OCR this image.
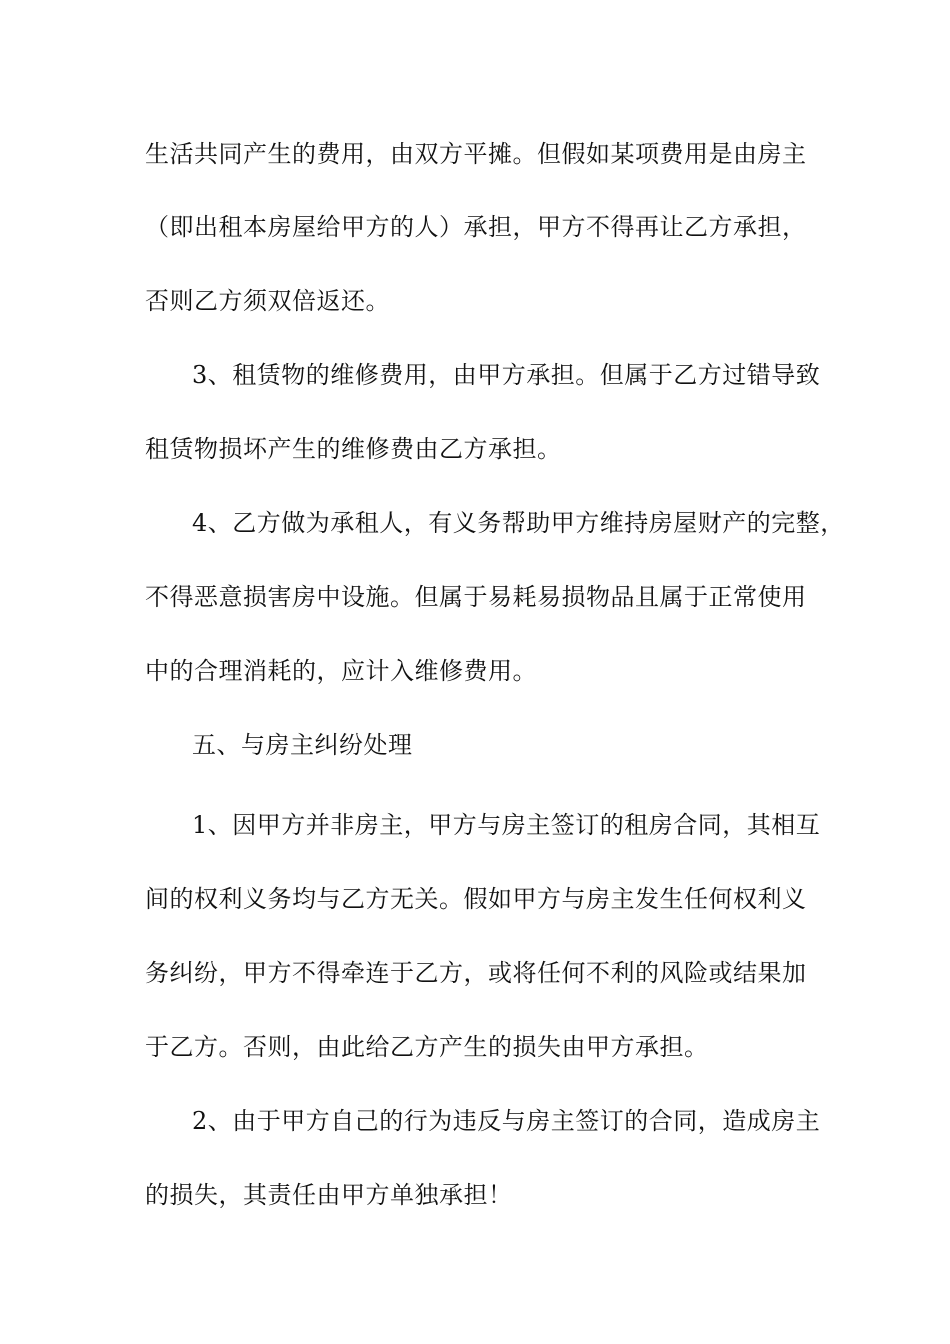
生活共同产生的费用，由双方平摊。但假如某项费用是由房主
（即出租本房屋给甲方的人）承担，甲方不得再让乙方承担，
否则乙方须双倍返还。
3、租赁物的维修费用，由甲方承担。但属于乙方过错导致
租赁物损坏产生的维修费由乙方承担。
4、乙方做为承租人，有义务帮助甲方维持房屋财产的完整，
不得恶意损害房中设施。但属于易耗易损物品且属于正常使用
中的合理消耗的，应计入维修费用。
五、与房主纠纷处理
1、因甲方并非房主，甲方与房主签订的租房合同，其相互
间的权利义务均与乙方无关。假如甲方与房主发生任何权利义
务纠纷，甲方不得牵连于乙方，或将任何不利的风险或结果加
于乙方。否则，由此给乙方产生的损失由甲方承担。
2、由于甲方自己的行为违反与房主签订的合同，造成房主
的损失，其责任由甲方单独承担！
